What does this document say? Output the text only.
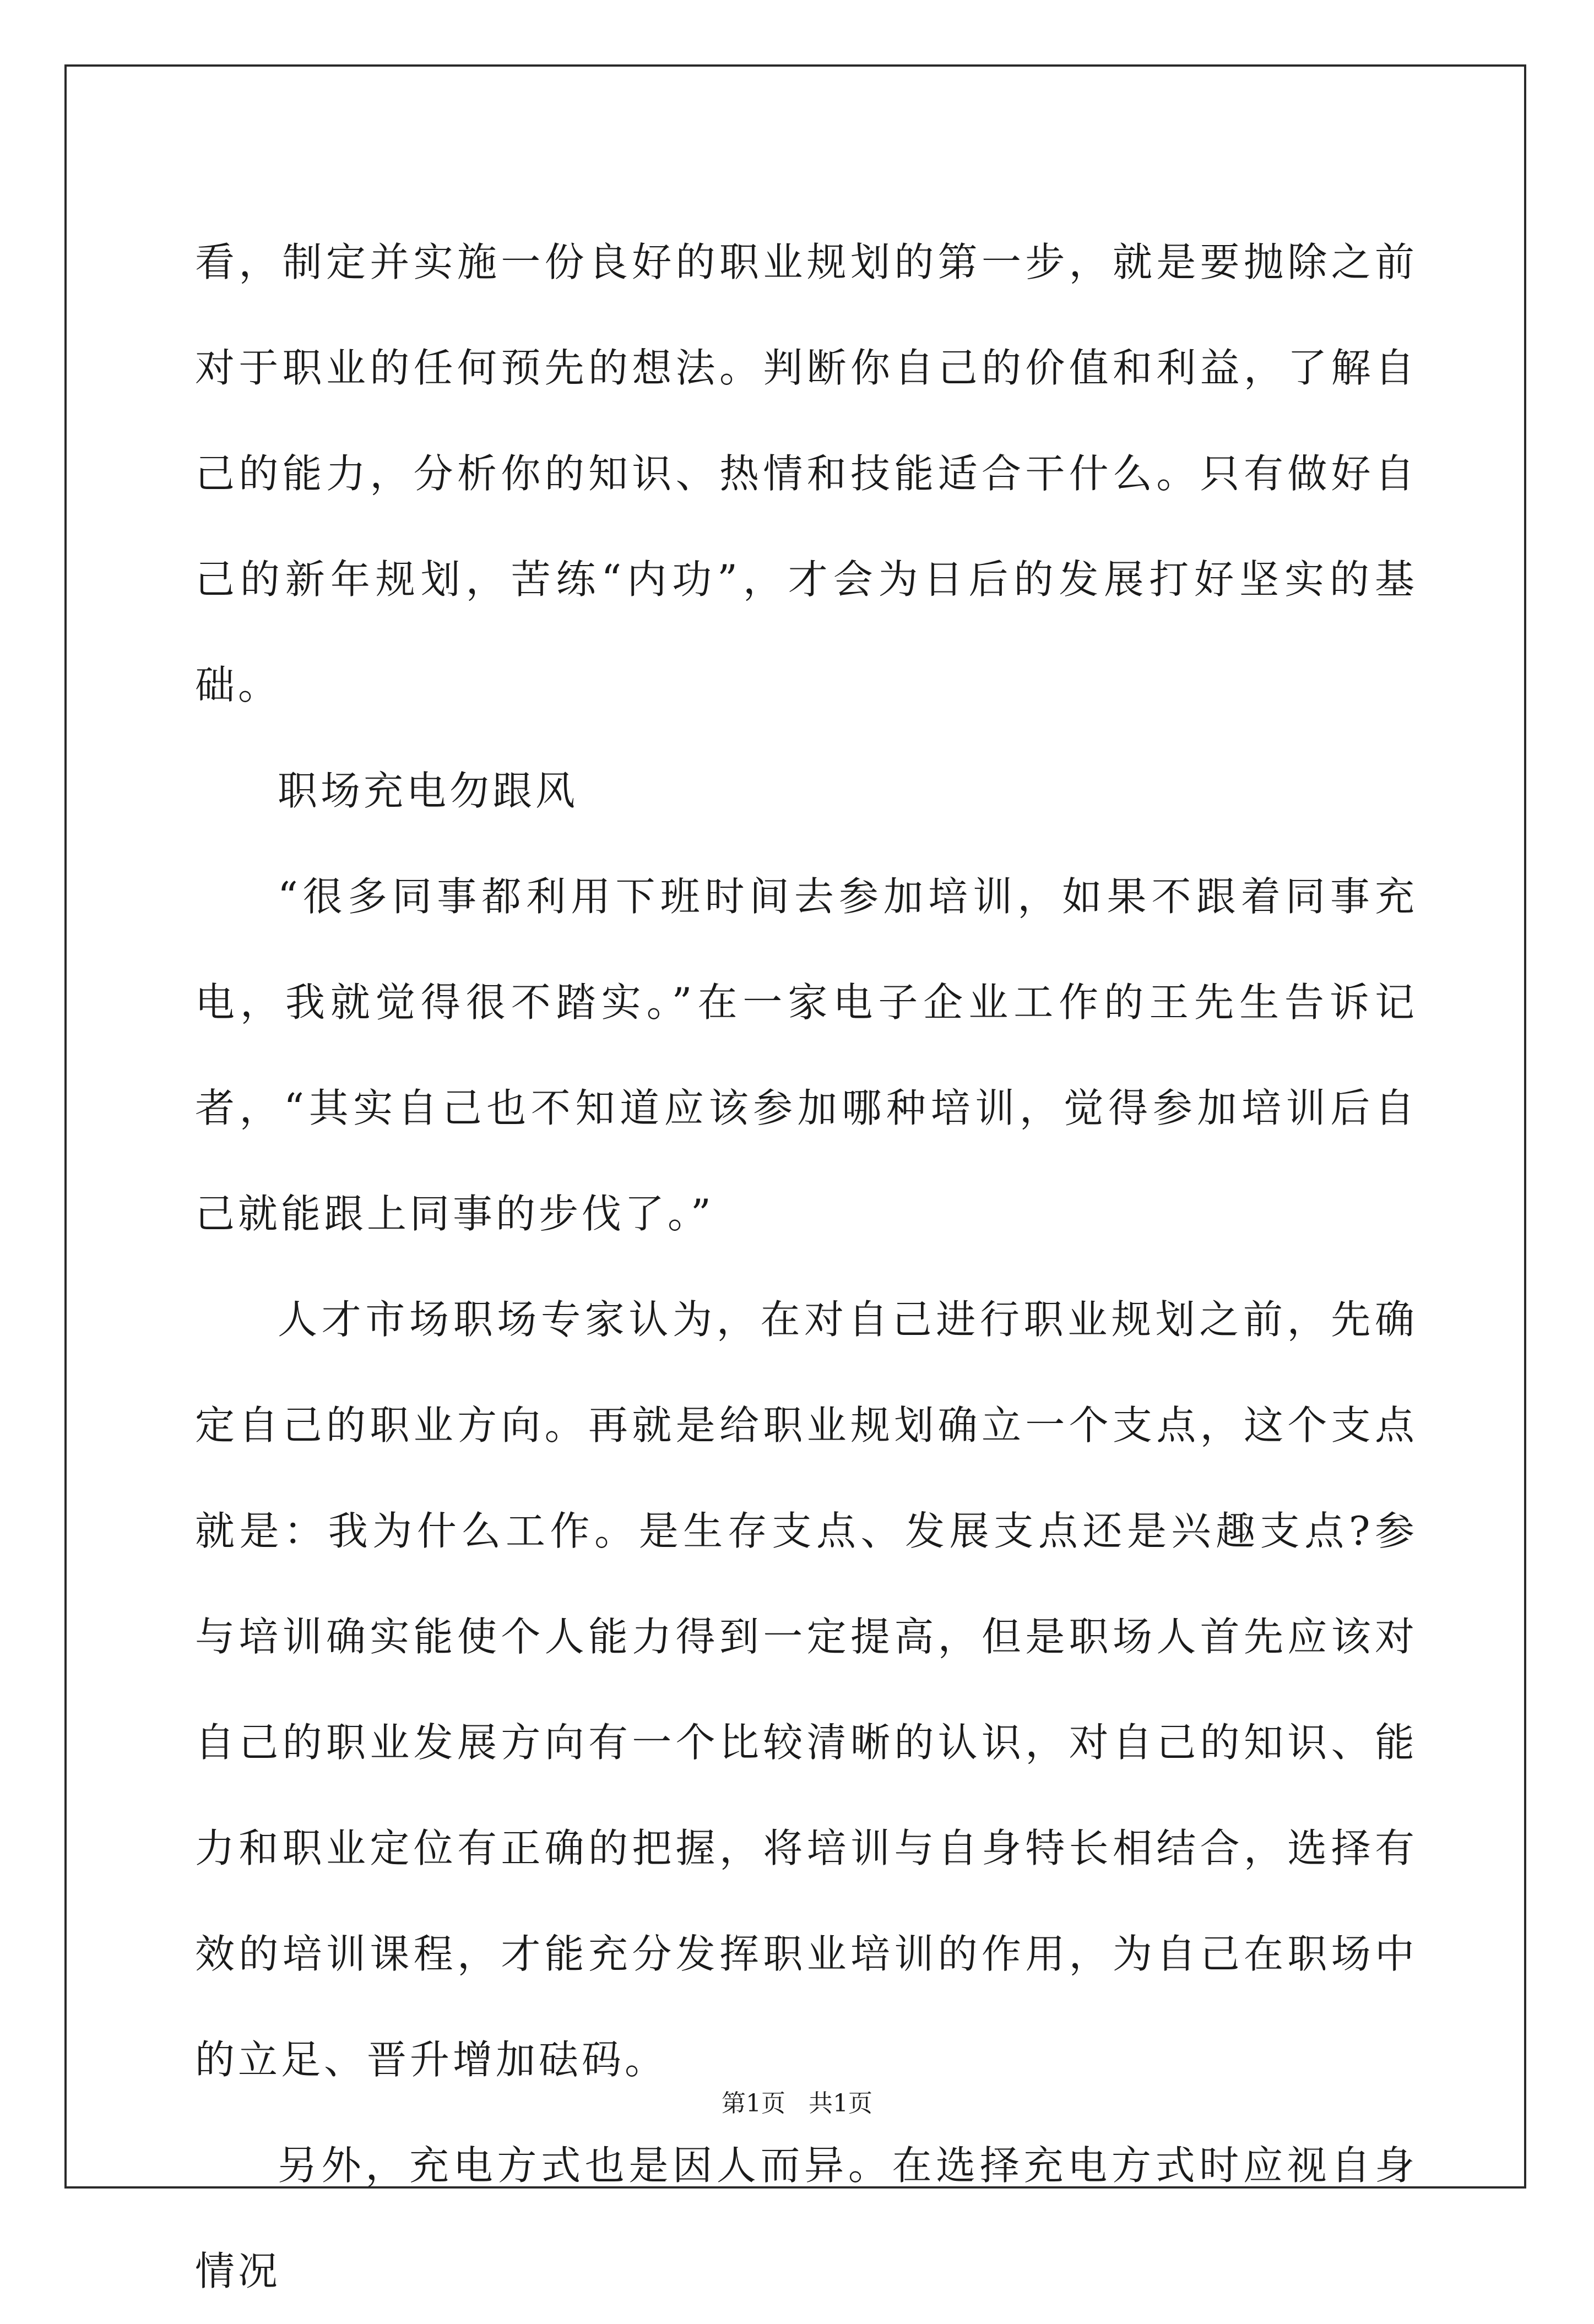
看，制定并实施一份良好的职业规划的第一步，就是要抛除之前对于职业的任何预先的想法。判断你自己的价值和利益，了解自己的能力，分析你的知识、热情和技能适合干什么。只有做好自己的新年规划，苦练“内功”，才会为日后的发展打好坚实的基础。

职场充电勿跟风

“很多同事都利用下班时间去参加培训，如果不跟着同事充电，我就觉得很不踏实。”在一家电子企业工作的王先生告诉记者，“其实自己也不知道应该参加哪种培训，觉得参加培训后自己就能跟上同事的步伐了。”

人才市场职场专家认为，在对自己进行职业规划之前，先确定自己的职业方向。再就是给职业规划确立一个支点，这个支点就是：我为什么工作。是生存支点、发展支点还是兴趣支点?参与培训确实能使个人能力得到一定提高，但是职场人首先应该对自己的职业发展方向有一个比较清晰的认识，对自己的知识、能力和职业定位有正确的把握，将培训与自身特长相结合，选择有效的培训课程，才能充分发挥职业培训的作用，为自己在职场中的立足、晋升增加砝码。

另外，充电方式也是因人而异。在选择充电方式时应视自身情况

第1页 共1页
